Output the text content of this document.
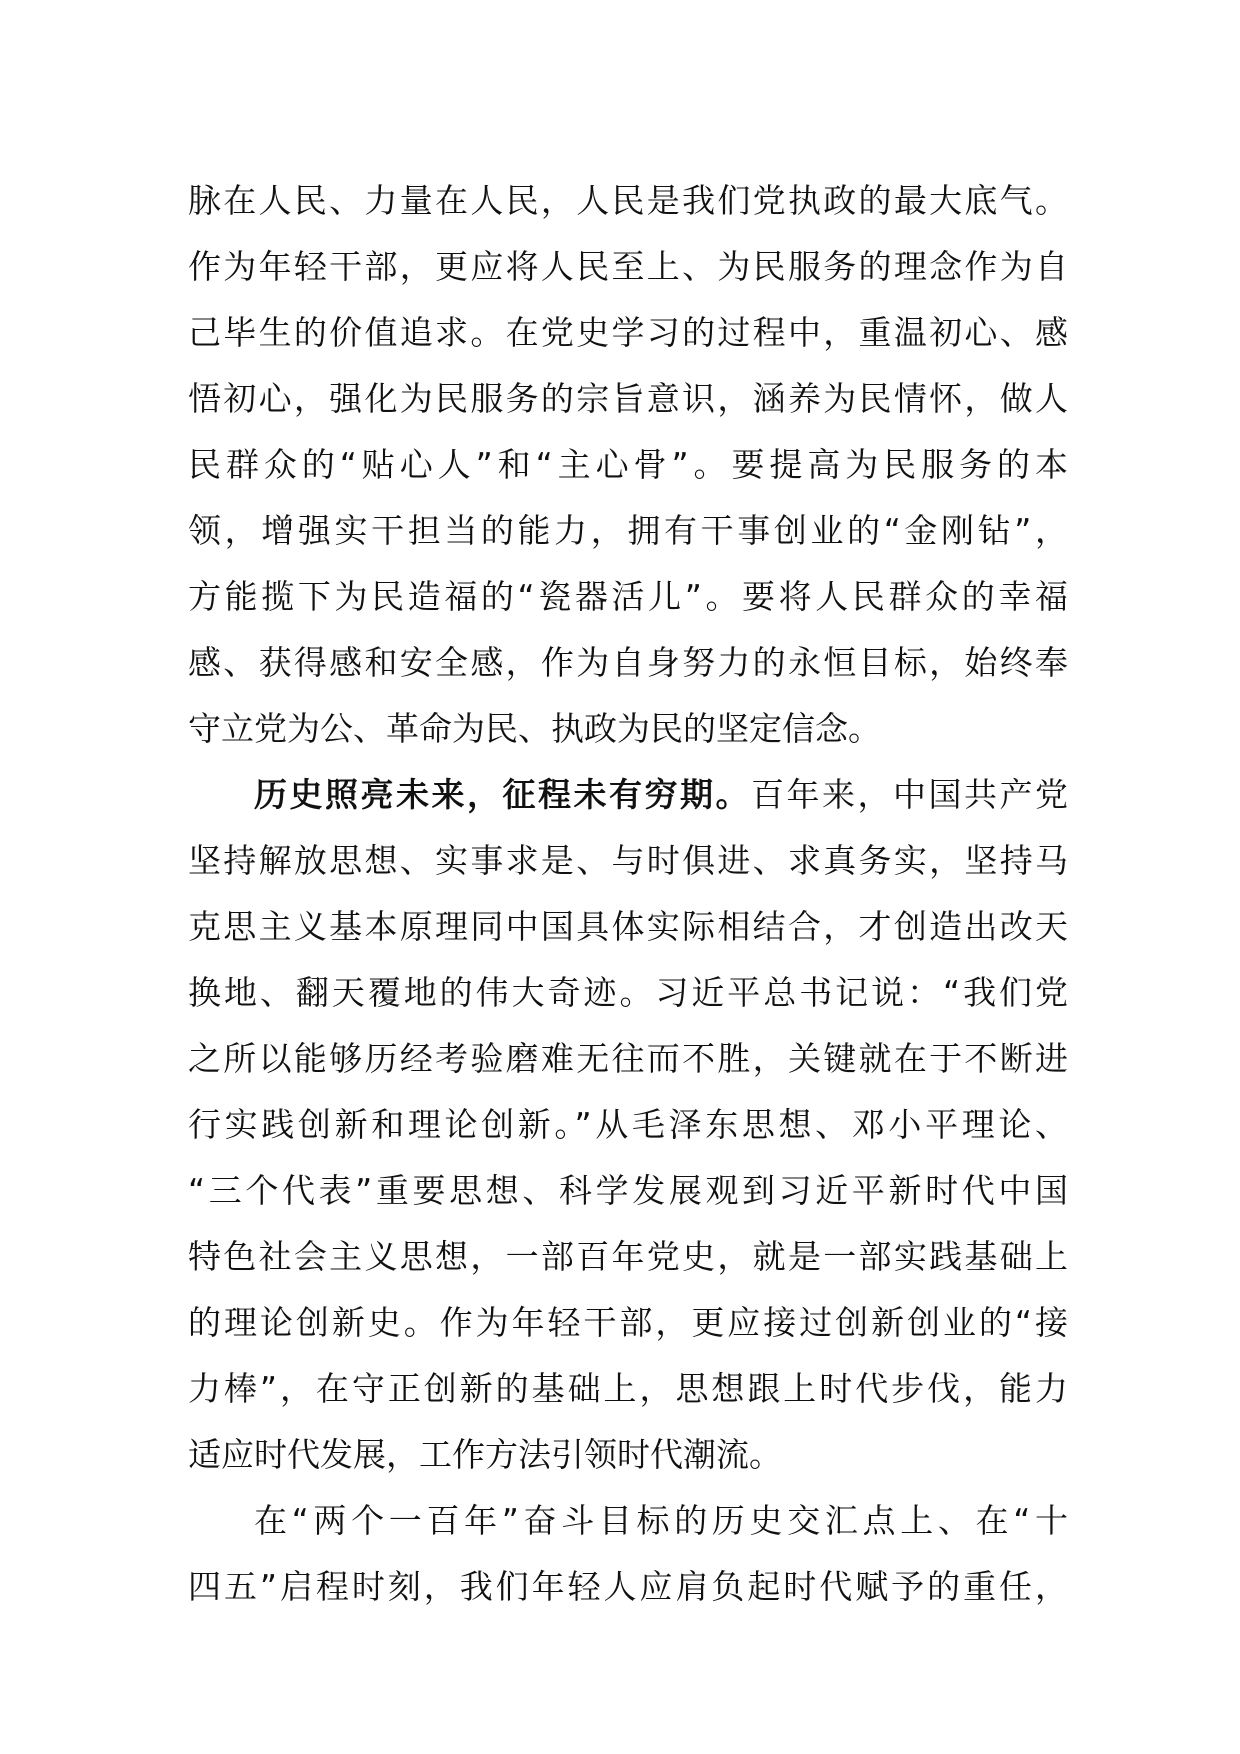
脉在人民、力量在人民，人民是我们党执政的最大底气。
作为年轻干部，更应将人民至上、为民服务的理念作为自
己毕生的价值追求。在党史学习的过程中，重温初心、感
悟初心，强化为民服务的宗旨意识，涵养为民情怀，做人
民群众的“贴心人”和“主心骨”。要提高为民服务的本
领，增强实干担当的能力，拥有干事创业的“金刚钻”，
方能揽下为民造福的“瓷器活儿”。要将人民群众的幸福
感、获得感和安全感，作为自身努力的永恒目标，始终奉
守立党为公、革命为民、执政为民的坚定信念。
历史照亮未来，征程未有穷期。百年来，中国共产党
坚持解放思想、实事求是、与时俱进、求真务实，坚持马
克思主义基本原理同中国具体实际相结合，才创造出改天
换地、翻天覆地的伟大奇迹。习近平总书记说：“我们党
之所以能够历经考验磨难无往而不胜，关键就在于不断进
行实践创新和理论创新。”从毛泽东思想、邓小平理论、
“三个代表”重要思想、科学发展观到习近平新时代中国
特色社会主义思想，一部百年党史，就是一部实践基础上
的理论创新史。作为年轻干部，更应接过创新创业的“接
力棒”，在守正创新的基础上，思想跟上时代步伐，能力
适应时代发展，工作方法引领时代潮流。
在“两个一百年”奋斗目标的历史交汇点上、在“十
四五”启程时刻，我们年轻人应肩负起时代赋予的重任，
